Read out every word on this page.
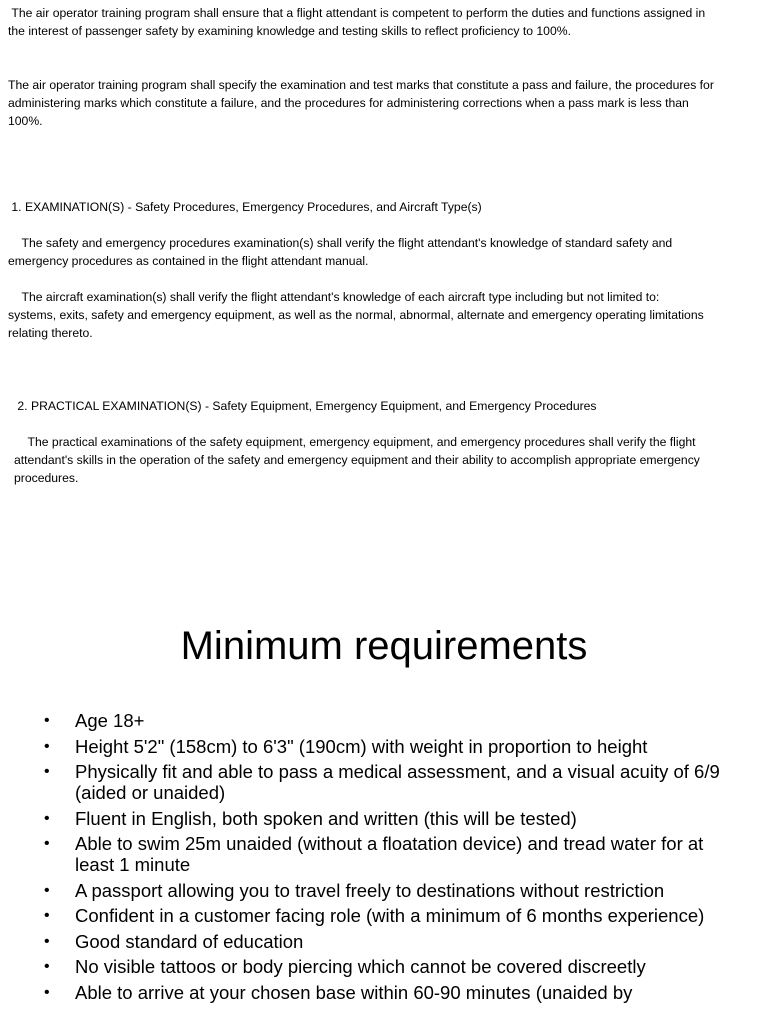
The air operator training program shall ensure that a flight attendant is competent to perform the duties and functions assigned in the interest of passenger safety by examining knowledge and testing skills to reflect proficiency to 100%.

The air operator training program shall specify the examination and test marks that constitute a pass and failure, the procedures for administering marks which constitute a failure, and the procedures for administering corrections when a pass mark is less than 100%.

1. EXAMINATION(S) - Safety Procedures, Emergency Procedures, and Aircraft Type(s)

The safety and emergency procedures examination(s) shall verify the flight attendant's knowledge of standard safety and emergency procedures as contained in the flight attendant manual.

The aircraft examination(s) shall verify the flight attendant's knowledge of each aircraft type including but not limited to: systems, exits, safety and emergency equipment, as well as the normal, abnormal, alternate and emergency operating limitations relating thereto.

2. PRACTICAL EXAMINATION(S) - Safety Equipment, Emergency Equipment, and Emergency Procedures

The practical examinations of the safety equipment, emergency equipment, and emergency procedures shall verify the flight attendant's skills in the operation of the safety and emergency equipment and their ability to accomplish appropriate emergency procedures.

Minimum requirements
• Age 18+
• Height 5'2" (158cm) to 6'3" (190cm) with weight in proportion to height
• Physically fit and able to pass a medical assessment, and a visual acuity of 6/9 (aided or unaided)
• Fluent in English, both spoken and written (this will be tested)
• Able to swim 25m unaided (without a floatation device) and tread water for at least 1 minute
• A passport allowing you to travel freely to destinations without restriction
• Confident in a customer facing role (with a minimum of 6 months experience)
• Good standard of education
• No visible tattoos or body piercing which cannot be covered discreetly
• Able to arrive at your chosen base within 60-90 minutes (unaided by
